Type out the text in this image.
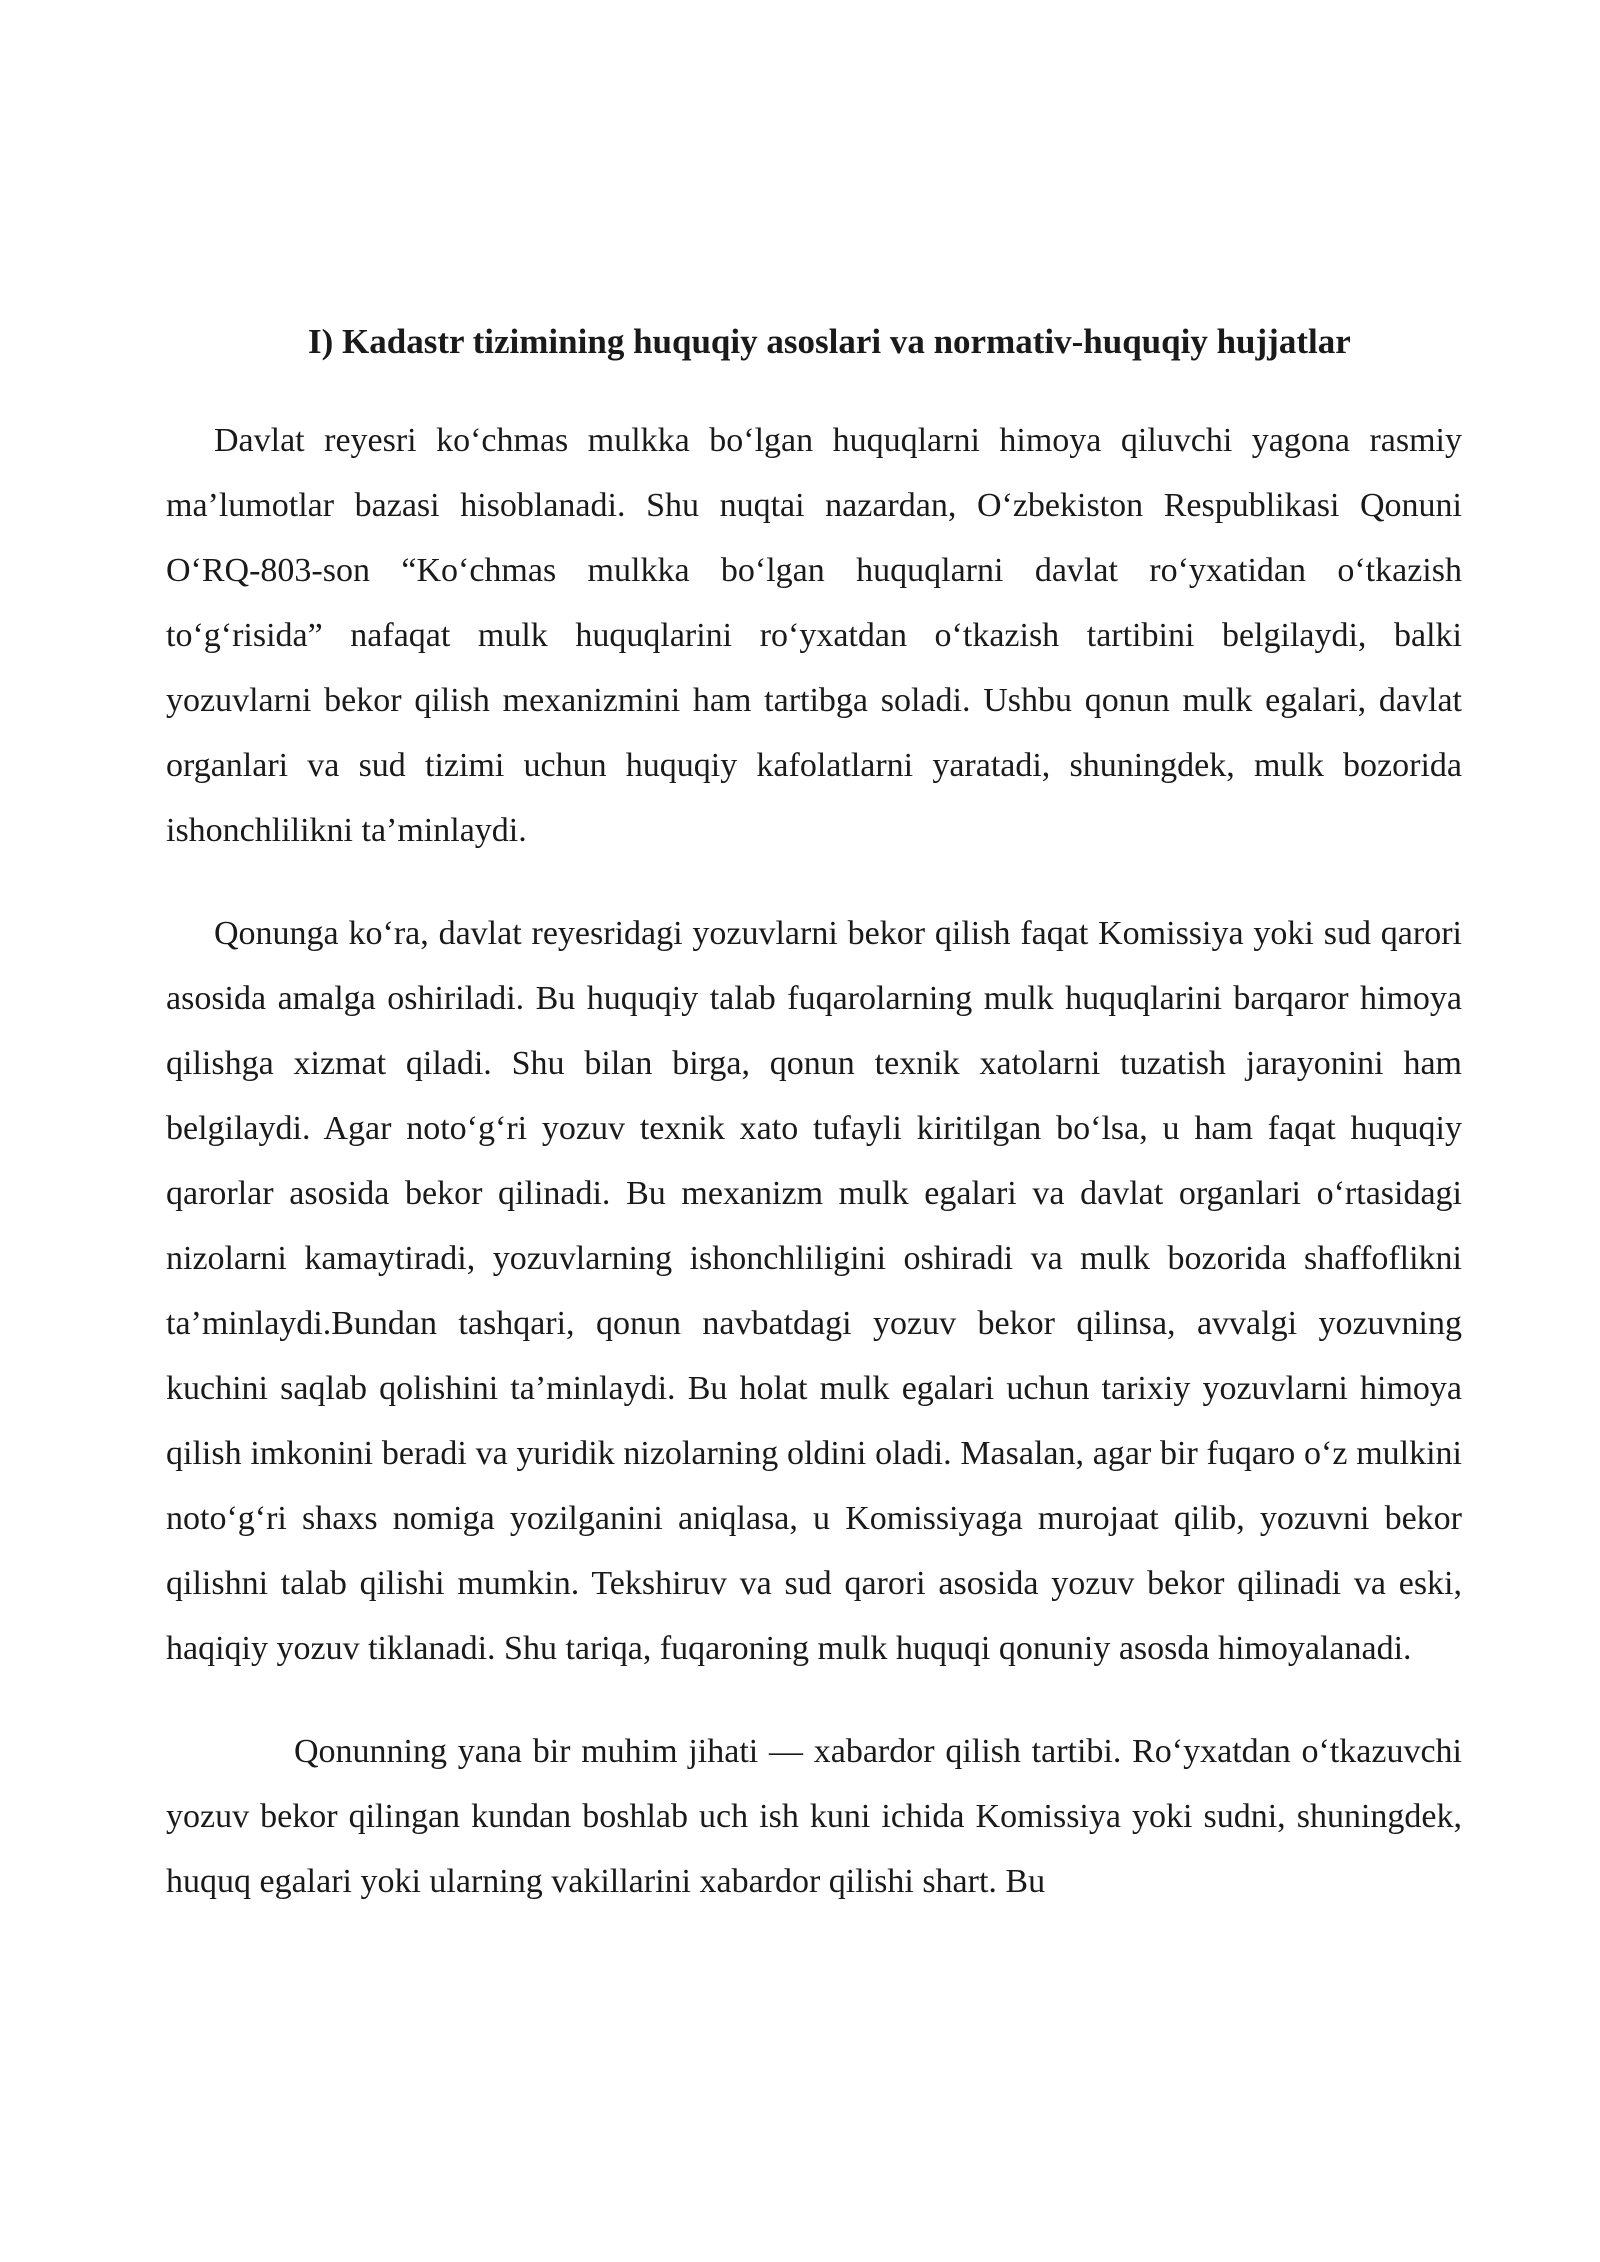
I) Kadastr tizimining huquqiy asoslari va normativ-huquqiy hujjatlar

Davlat reyesri ko‘chmas mulkka bo‘lgan huquqlarni himoya qiluvchi yagona rasmiy ma’lumotlar bazasi hisoblanadi. Shu nuqtai nazardan, O‘zbekiston Respublikasi Qonuni O‘RQ-803-son “Ko‘chmas mulkka bo‘lgan huquqlarni davlat ro‘yxatidan o‘tkazish to‘g‘risida” nafaqat mulk huquqlarini ro‘yxatdan o‘tkazish tartibini belgilaydi, balki yozuvlarni bekor qilish mexanizmini ham tartibga soladi. Ushbu qonun mulk egalari, davlat organlari va sud tizimi uchun huquqiy kafolatlarni yaratadi, shuningdek, mulk bozorida ishonchlilikni ta’minlaydi.

Qonunga ko‘ra, davlat reyesridagi yozuvlarni bekor qilish faqat Komissiya yoki sud qarori asosida amalga oshiriladi. Bu huquqiy talab fuqarolarning mulk huquqlarini barqaror himoya qilishga xizmat qiladi. Shu bilan birga, qonun texnik xatolarni tuzatish jarayonini ham belgilaydi. Agar noto‘g‘ri yozuv texnik xato tufayli kiritilgan bo‘lsa, u ham faqat huquqiy qarorlar asosida bekor qilinadi. Bu mexanizm mulk egalari va davlat organlari o‘rtasidagi nizolarni kamaytiradi, yozuvlarning ishonchliligini oshiradi va mulk bozorida shaffoflikni ta’minlaydi.Bundan tashqari, qonun navbatdagi yozuv bekor qilinsa, avvalgi yozuvning kuchini saqlab qolishini ta’minlaydi. Bu holat mulk egalari uchun tarixiy yozuvlarni himoya qilish imkonini beradi va yuridik nizolarning oldini oladi. Masalan, agar bir fuqaro o‘z mulkini noto‘g‘ri shaxs nomiga yozilganini aniqlasa, u Komissiyaga murojaat qilib, yozuvni bekor qilishni talab qilishi mumkin. Tekshiruv va sud qarori asosida yozuv bekor qilinadi va eski, haqiqiy yozuv tiklanadi. Shu tariqa, fuqaroning mulk huquqi qonuniy asosda himoyalanadi.

Qonunning yana bir muhim jihati — xabardor qilish tartibi. Ro‘yxatdan o‘tkazuvchi yozuv bekor qilingan kundan boshlab uch ish kuni ichida Komissiya yoki sudni, shuningdek, huquq egalari yoki ularning vakillarini xabardor qilishi shart. Bu
